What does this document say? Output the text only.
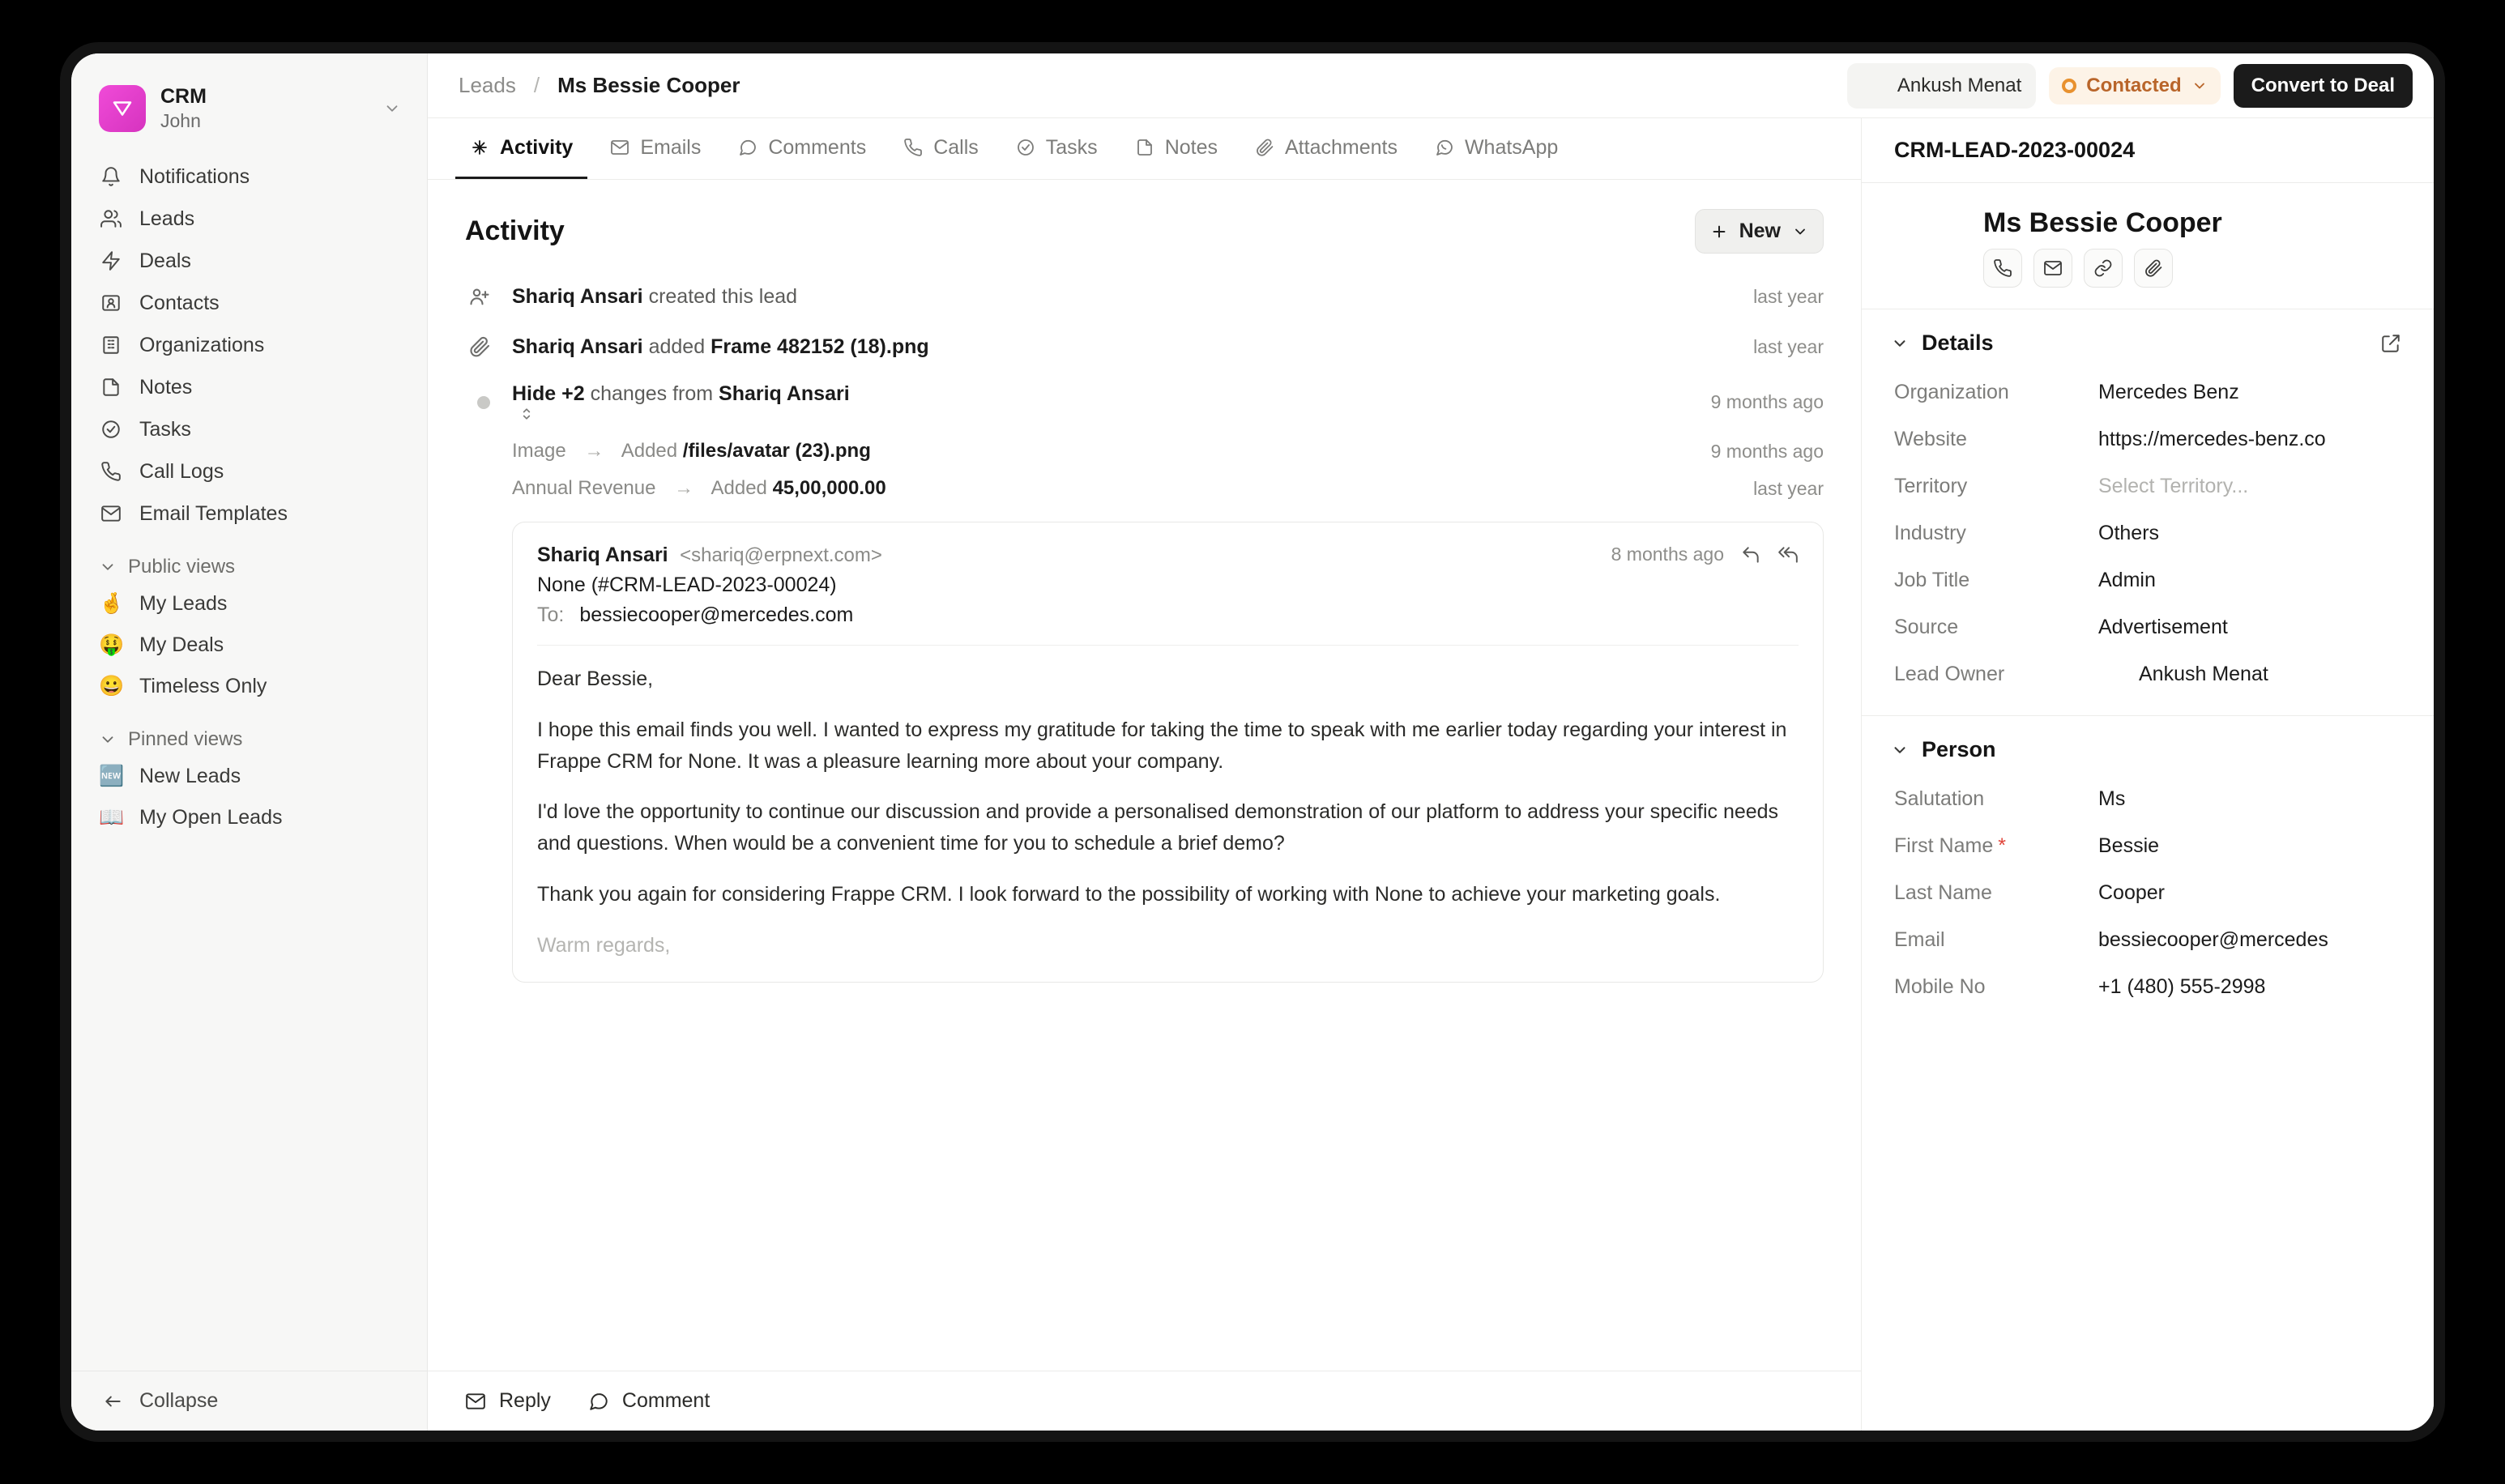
CRM
John
Notifications
Leads
Deals
Contacts
Organizations
Notes
Tasks
Call Logs
Email Templates
Public views
🤞 My Leads
🤑 My Deals
😀 Timeless Only
Pinned views
🆕 New Leads
📖 My Open Leads
Collapse
Leads / Ms Bessie Cooper	Ankush Menat	Contacted	Convert to Deal
Activity	Emails	Comments	Calls	Tasks	Notes	Attachments	WhatsApp
Activity	New
Shariq Ansari created this lead	last year
Shariq Ansari added Frame 482152 (18).png	last year
Hide +2 changes from Shariq Ansari	9 months ago
Image → Added /files/avatar (23).png	9 months ago
Annual Revenue → Added 45,00,000.00	last year
Shariq Ansari <shariq@erpnext.com>
None (#CRM-LEAD-2023-00024)
To: bessiecooper@mercedes.com
8 months ago

Dear Bessie,

I hope this email finds you well. I wanted to express my gratitude for taking the time to speak with me earlier today regarding your interest in Frappe CRM for None. It was a pleasure learning more about your company.

I'd love the opportunity to continue our discussion and provide a personalised demonstration of our platform to address your specific needs and questions. When would be a convenient time for you to schedule a brief demo?

Thank you again for considering Frappe CRM. I look forward to the possibility of working with None to achieve your marketing goals.

Warm regards,

Reply	Comment
CRM-LEAD-2023-00024
Ms Bessie Cooper
Details
Organization	Mercedes Benz
Website	https://mercedes-benz.co
Territory	Select Territory...
Industry	Others
Job Title	Admin
Source	Advertisement
Lead Owner	Ankush Menat
Person
Salutation	Ms
First Name *	Bessie
Last Name	Cooper
Email	bessiecooper@mercedes
Mobile No	+1 (480) 555-2998
